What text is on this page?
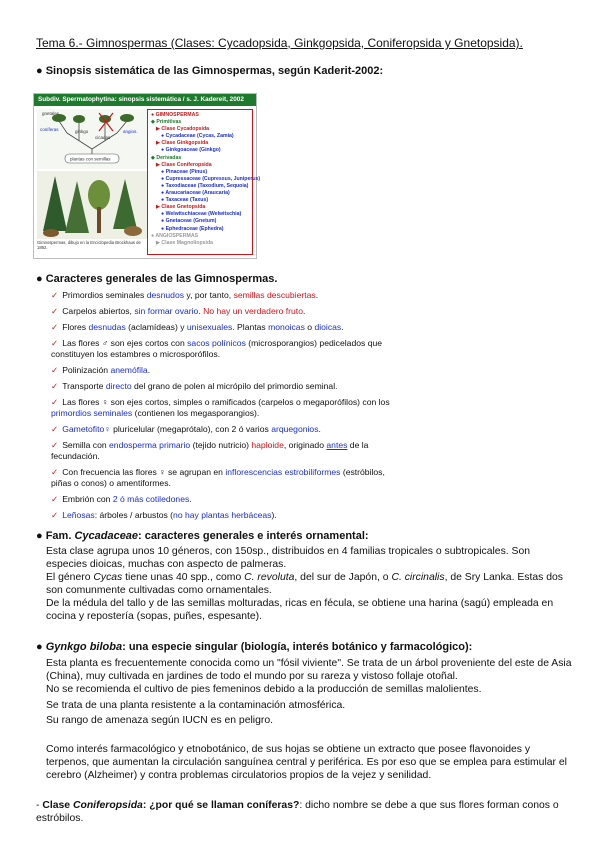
Tema 6.- Gimnospermas (Clases: Cycadopsida, Ginkgopsida, Coniferopsida y Gnetopsida).
● Sinopsis sistemática de las Gimnospermas, según Kaderit-2002:
Subdiv. Spermatophytina: sinopsis sistemática / s. J. Kadereit, 2002
gnetales
coníferas	ginkgo
cicadas
angios.
plantas con semillas
Gimnospermas, dibujo en la Enciclopedia Brockhaus de 1892.
● GIMNOSPERMAS
◆ Primitivas
▶ Clase Cycadopsida
● Cycadaceae (Cycas, Zamia)
▶ Clase Ginkgopsida
● Ginkgoaceae (Ginkgo)
◆ Derivadas
▶ Clase Coniferopsida
● Pinaceae (Pinus)
● Cupressaceae (Cupressus, Juniperus)
● Taxodiaceae (Taxodium, Sequoia)
● Araucariaceae (Araucaria)
● Taxaceae (Taxus)
▶ Clase Gnetopsida
● Welwitschiaceae (Welwitschia)
● Gnetaceae (Gnetum)
● Ephedraceae (Ephedra)
● ANGIOSPERMAS
▶ Clase Magnoliopsida
● Caracteres generales de las Gimnospermas.
✓ Primordios seminales desnudos y, por tanto, semillas descubiertas.
✓ Carpelos abiertos, sin formar ovario. No hay un verdadero fruto.
✓ Flores desnudas (aclamídeas) y unisexuales. Plantas monoicas o dioicas.
✓ Las flores ♂ son ejes cortos con sacos polínicos (microsporangios) pedicelados que constituyen los estambres o microsporófilos.
✓ Polinización anemófila.
✓ Transporte directo del grano de polen al micrópilo del primordio seminal.
✓ Las flores ♀ son ejes cortos, simples o ramificados (carpelos o megaporófilos) con los primordios seminales (contienen los megasporangios).
✓ Gametofito♀ pluricelular (megaprótalo), con 2 ó varios arquegonios.
✓ Semilla con endosperma primario (tejido nutricio) haploide, originado antes de la fecundación.
✓ Con frecuencia las flores ♀ se agrupan en inflorescencias estrobiliformes (estróbilos, piñas o conos) o amentiformes.
✓ Embrión con 2 ó más cotiledones.
✓ Leñosas: árboles / arbustos (no hay plantas herbáceas).
● Fam. Cycadaceae: caracteres generales e interés ornamental:
Esta clase agrupa unos 10 géneros, con 150sp., distribuidos en 4 familias tropicales o subtropicales. Son especies dioicas, muchas con aspecto de palmeras.
El género Cycas tiene unas 40 spp., como C. revoluta, del sur de Japón, o C. circinalis, de Sry Lanka. Estas dos son comunmente cultivadas como ornamentales.
De la médula del tallo y de las semillas molturadas, ricas en fécula, se obtiene una harina (sagú) empleada en cocina y repostería (sopas, puñes, espesante).
● Gynkgo biloba: una especie singular (biología, interés botánico y farmacológico):
Esta planta es frecuentemente conocida como un "fósil viviente". Se trata de un árbol proveniente del este de Asia (China), muy cultivada en jardines de todo el mundo por su rareza y vistoso follaje otoñal.
No se recomienda el cultivo de pies femeninos debido a la producción de semillas malolientes.
Se trata de una planta resistente a la contaminación atmosférica.
Su rango de amenaza según IUCN es en peligro.
Como interés farmacológico y etnobotánico, de sus hojas se obtiene un extracto que posee flavonoides y terpenos, que aumentan la circulación sanguínea central y periférica. Es por eso que se emplea para estimular el cerebro (Alzheimer) y contra problemas circulatorios propios de la vejez y senilidad.
- Clase Coniferopsida: ¿por qué se llaman coníferas?: dicho nombre se debe a que sus flores forman conos o estróbilos.
